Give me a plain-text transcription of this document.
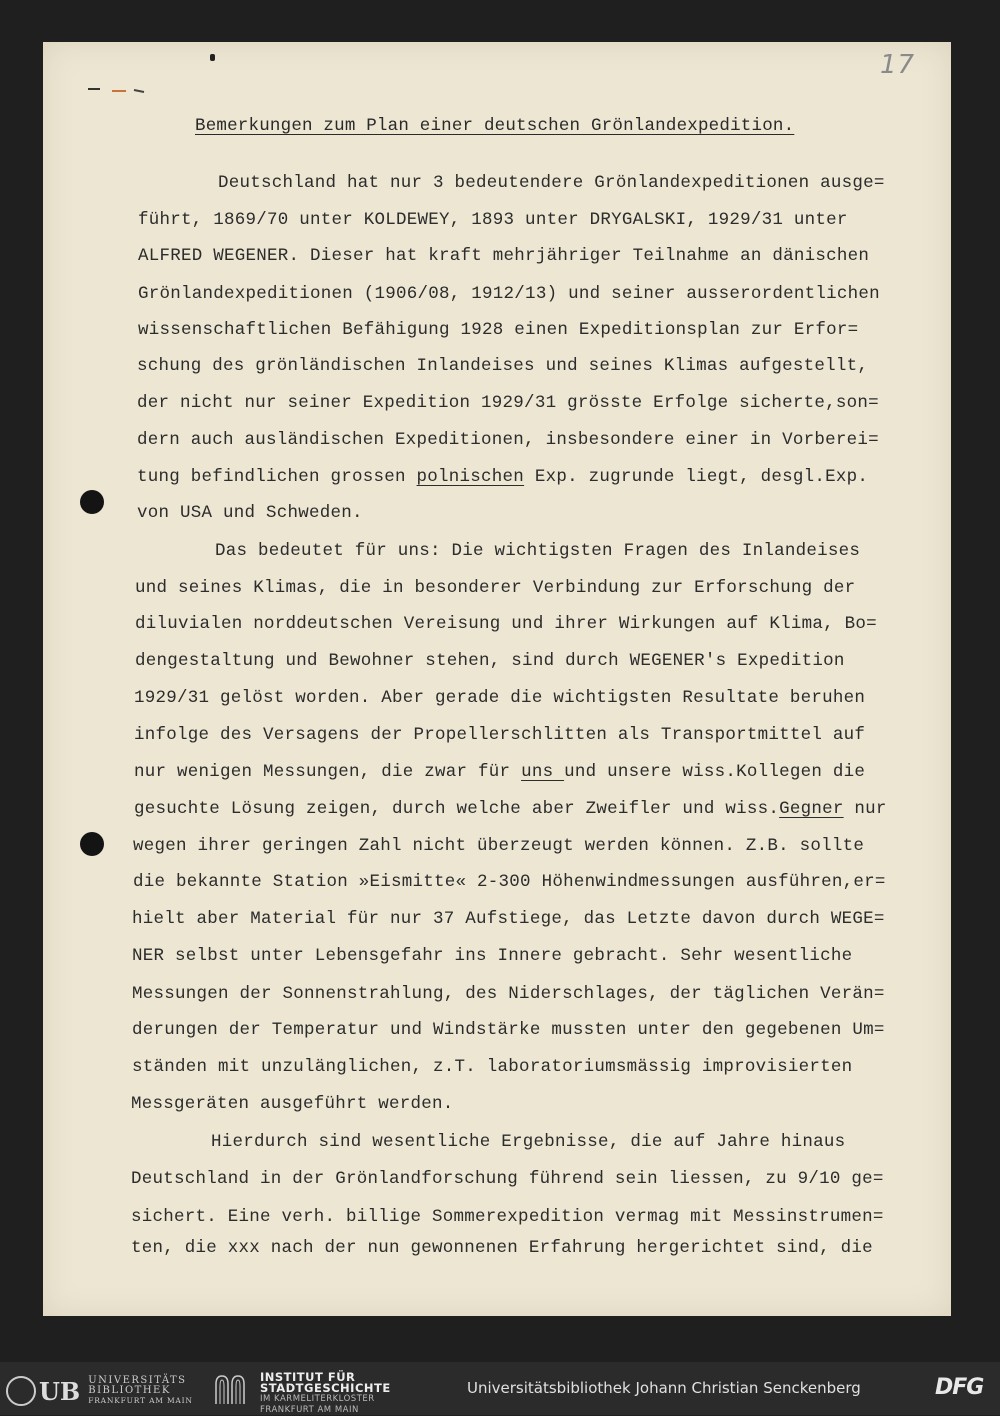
17
Bemerkungen zum Plan einer deutschen Grönlandexpedition.
Deutschland hat nur 3 bedeutendere Grönlandexpeditionen ausge=
führt, 1869/70 unter KOLDEWEY, 1893 unter DRYGALSKI, 1929/31 unter
ALFRED WEGENER. Dieser hat kraft mehrjähriger Teilnahme an dänischen
Grönlandexpeditionen (1906/08, 1912/13) und seiner ausserordentlichen
wissenschaftlichen Befähigung 1928 einen Expeditionsplan zur Erfor=
schung des grönländischen Inlandeises und seines Klimas aufgestellt,
der nicht nur seiner Expedition 1929/31 grösste Erfolge sicherte,son=
dern auch ausländischen Expeditionen, insbesondere einer in Vorberei=
tung befindlichen grossen polnischen Exp. zugrunde liegt, desgl.Exp.
von USA und Schweden.
Das bedeutet für uns: Die wichtigsten Fragen des Inlandeises
und seines Klimas, die in besonderer Verbindung zur Erforschung der
diluvialen norddeutschen Vereisung und ihrer Wirkungen auf Klima, Bo=
dengestaltung und Bewohner stehen, sind durch WEGENER's Expedition
1929/31 gelöst worden. Aber gerade die wichtigsten Resultate beruhen
infolge des Versagens der Propellerschlitten als Transportmittel auf
nur wenigen Messungen, die zwar für uns und unsere wiss.Kollegen die
gesuchte Lösung zeigen, durch welche aber Zweifler und wiss.Gegner nur
wegen ihrer geringen Zahl nicht überzeugt werden können. Z.B. sollte
die bekannte Station »Eismitte« 2-300 Höhenwindmessungen ausführen,er=
hielt aber Material für nur 37 Aufstiege, das Letzte davon durch WEGE=
NER selbst unter Lebensgefahr ins Innere gebracht. Sehr wesentliche
Messungen der Sonnenstrahlung, des Niderschlages, der täglichen Verän=
derungen der Temperatur und Windstärke mussten unter den gegebenen Um=
ständen mit unzulänglichen, z.T. laboratoriumsmässig improvisierten
Messgeräten ausgeführt werden.
Hierdurch sind wesentliche Ergebnisse, die auf Jahre hinaus
Deutschland in der Grönlandforschung führend sein liessen, zu 9/10 ge=
sichert. Eine verh. billige Sommerexpedition vermag mit Messinstrumen=
ten, die xxx nach der nun gewonnenen Erfahrung hergerichtet sind, die
UB UNIVERSITÄTS
BIBLIOTHEK
FRANKFURT AM MAIN
INSTITUT FÜR
STADTGESCHICHTE
IM KARMELITERKLOSTER
FRANKFURT AM MAIN
Universitätsbibliothek Johann Christian Senckenberg	DFG
